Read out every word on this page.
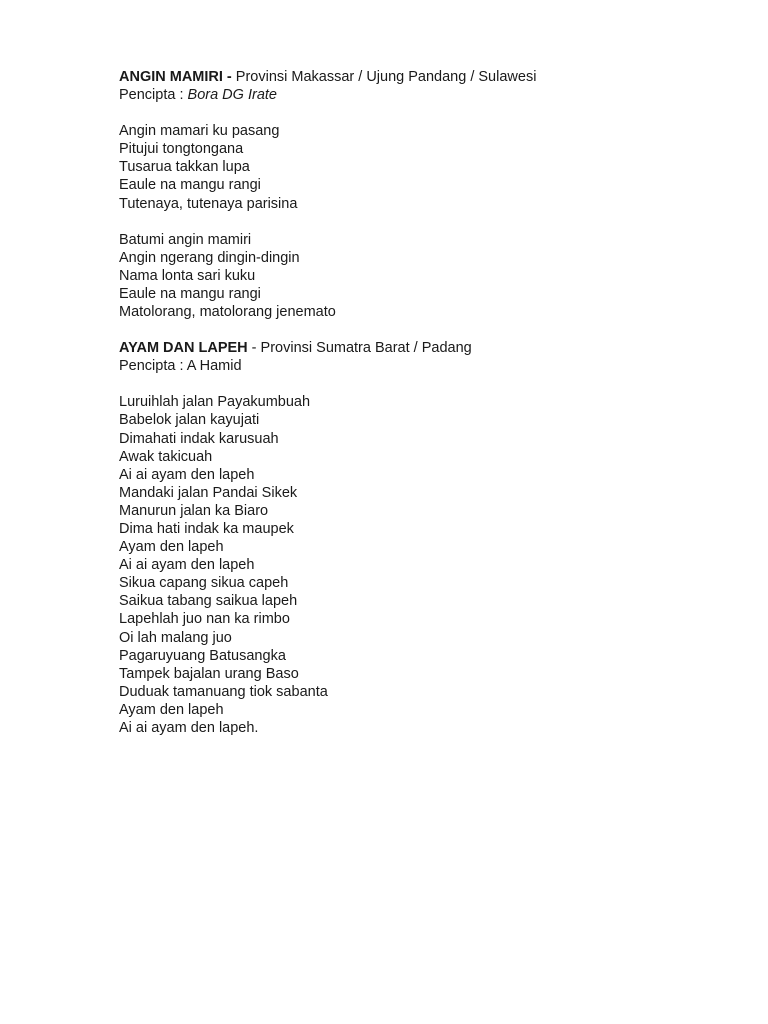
ANGIN MAMIRI - Provinsi Makassar / Ujung Pandang / Sulawesi

Pencipta : Bora DG Irate

Angin mamari ku pasang

Pitujui tongtongana

Tusarua takkan lupa

Eaule na mangu rangi

Tutenaya, tutenaya parisina

Batumi angin mamiri

Angin ngerang dingin-dingin

Nama lonta sari kuku

Eaule na mangu rangi

Matolorang, matolorang jenemato

AYAM DAN LAPEH - Provinsi Sumatra Barat / Padang

Pencipta : A Hamid

Luruihlah jalan Payakumbuah

Babelok jalan kayujati

Dimahati indak karusuah

Awak takicuah

Ai ai ayam den lapeh

Mandaki jalan Pandai Sikek

Manurun jalan ka Biaro

Dima hati indak ka maupek

Ayam den lapeh

Ai ai ayam den lapeh

Sikua capang sikua capeh

Saikua tabang saikua lapeh

Lapehlah juo nan ka rimbo

Oi lah malang juo

Pagaruyuang Batusangka

Tampek bajalan urang Baso

Duduak tamanuang tiok sabanta

Ayam den lapeh

Ai ai ayam den lapeh.
